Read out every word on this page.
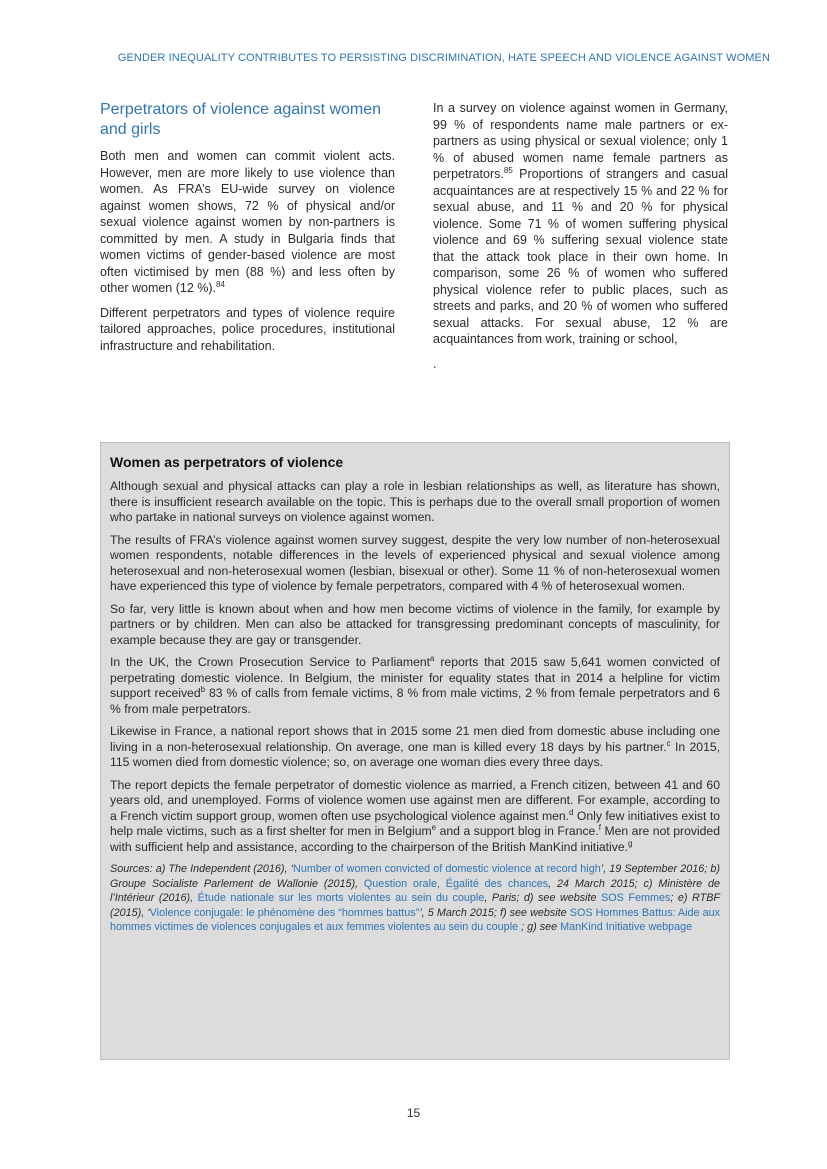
GENDER INEQUALITY CONTRIBUTES TO PERSISTING DISCRIMINATION, HATE SPEECH AND VIOLENCE AGAINST WOMEN
Perpetrators of violence against women and girls

Both men and women can commit violent acts. However, men are more likely to use violence than women. As FRA’s EU-wide survey on violence against women shows, 72 % of physical and/or sexual violence against women by non-partners is committed by men. A study in Bulgaria finds that women victims of gender-based violence are most often victimised by men (88 %) and less often by other women (12 %).$^{84}$

Different perpetrators and types of violence require tailored approaches, police procedures, institutional infrastructure and rehabilitation.

In a survey on violence against women in Germany, 99 % of respondents name male partners or ex-partners as using physical or sexual violence; only 1 % of abused women name female partners as perpetrators.$^{85}$ Proportions of strangers and casual acquaintances are at respectively 15 % and 22 % for sexual abuse, and 11 % and 20 % for physical violence. Some 71 % of women suffering physical violence and 69 % suffering sexual violence state that the attack took place in their own home. In comparison, some 26 % of women who suffered physical violence refer to public places, such as streets and parks, and 20 % of women who suffered sexual attacks. For sexual abuse, 12 % are acquaintances from work, training or school,

.

Women as perpetrators of violence

Although sexual and physical attacks can play a role in lesbian relationships as well, as literature has shown, there is insufficient research available on the topic. This is perhaps due to the overall small proportion of women who partake in national surveys on violence against women.

The results of FRA’s violence against women survey suggest, despite the very low number of non-heterosexual women respondents, notable differences in the levels of experienced physical and sexual violence among heterosexual and non-heterosexual women (lesbian, bisexual or other). Some 11 % of non-heterosexual women have experienced this type of violence by female perpetrators, compared with 4 % of heterosexual women.

So far, very little is known about when and how men become victims of violence in the family, for example by partners or by children. Men can also be attacked for transgressing predominant concepts of masculinity, for example because they are gay or transgender.

In the UK, the Crown Prosecution Service to Parliament$^a$ reports that 2015 saw 5,641 women convicted of perpetrating domestic violence. In Belgium, the minister for equality states that in 2014 a helpline for victim support received$^b$ 83 % of calls from female victims, 8 % from male victims, 2 % from female perpetrators and 6 % from male perpetrators.

Likewise in France, a national report shows that in 2015 some 21 men died from domestic abuse including one living in a non-heterosexual relationship. On average, one man is killed every 18 days by his partner.$^c$ In 2015, 115 women died from domestic violence; so, on average one woman dies every three days.

The report depicts the female perpetrator of domestic violence as married, a French citizen, between 41 and 60 years old, and unemployed. Forms of violence women use against men are different. For example, according to a French victim support group, women often use psychological violence against men.$^d$ Only few initiatives exist to help male victims, such as a first shelter for men in Belgium$^e$ and a support blog in France.$^f$ Men are not provided with sufficient help and assistance, according to the chairperson of the British ManKind initiative.$^g$

Sources: a) The Independent (2016), ‘Number of women convicted of domestic violence at record high’, 19 September 2016; b) Groupe Socialiste Parlement de Wallonie (2015), Question orale, Égalité des chances, 24 March 2015; c) Ministère de l’Intérieur (2016), Étude nationale sur les morts violentes au sein du couple, Paris; d) see website SOS Femmes; e) RTBF (2015), ‘Violence conjugale: le phénomène des “hommes battus”’, 5 March 2015; f) see website SOS Hommes Battus: Aide aux hommes victimes de violences conjugales et aux femmes violentes au sein du couple ; g) see ManKind Initiative webpage

15
